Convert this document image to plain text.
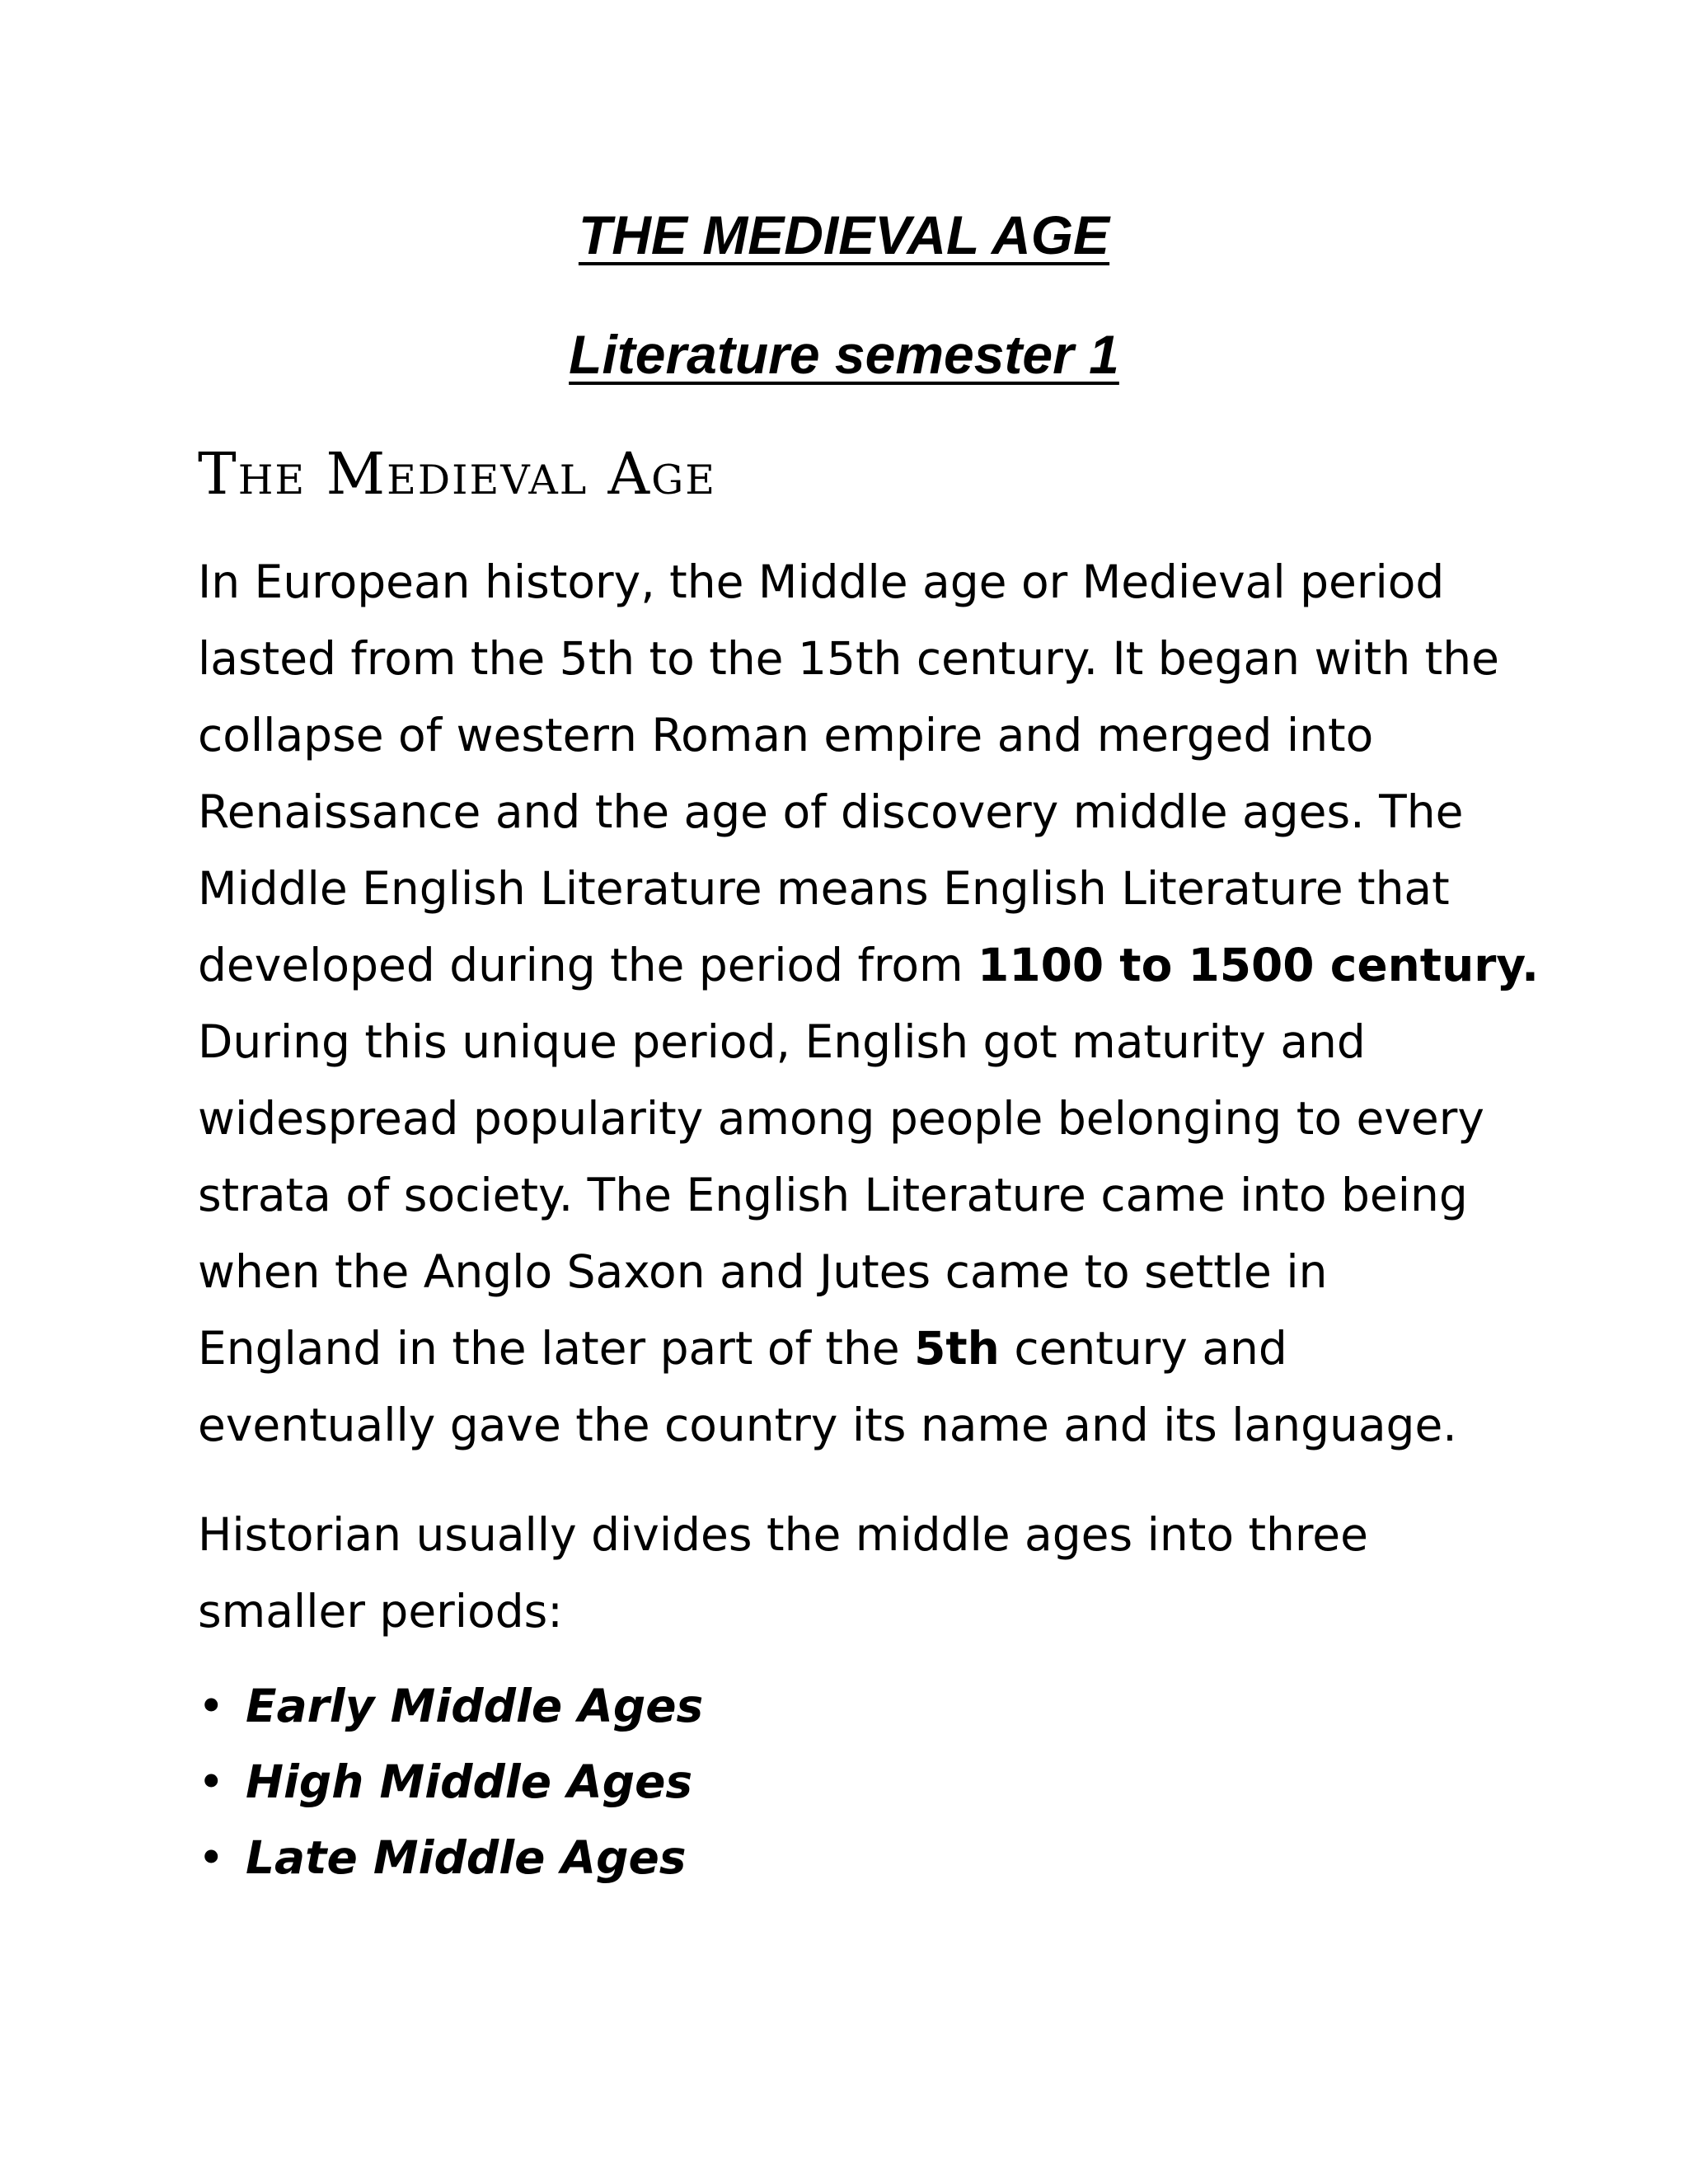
THE MEDIEVAL AGE
Literature semester 1
The Medieval Age
In European history, the Middle age or Medieval period
lasted from the 5th to the 15th century. It began with the
collapse of western Roman empire and merged into
Renaissance and the age of discovery middle ages. The
Middle English Literature means English Literature that
developed during the period from 1100 to 1500 century.
During this unique period, English got maturity and
widespread popularity among people belonging to every
strata of society. The English Literature came into being
when the Anglo Saxon and Jutes came to settle in
England in the later part of the 5th century and
eventually gave the country its name and its language.
Historian usually divides the middle ages into three
smaller periods:
• Early Middle Ages
• High Middle Ages
• Late Middle Ages
